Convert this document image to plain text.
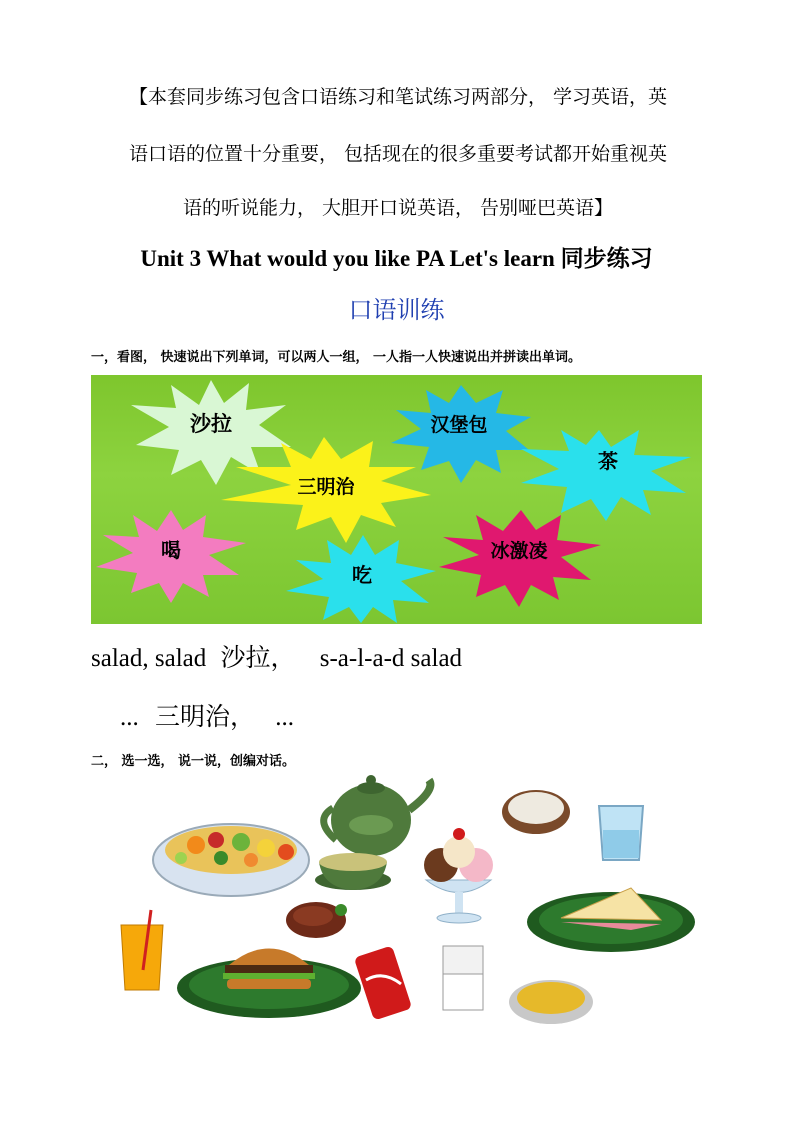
【本套同步练习包含口语练习和笔试练习两部分， 学习英语，英
语口语的位置十分重要， 包括现在的很多重要考试都开始重视英
语的听说能力， 大胆开口说英语， 告别哑巴英语】
Unit 3 What would you like PA Let's learn 同步练习
口语训练
一，看图， 快速说出下列单词，可以两人一组， 一人指一人快速说出并拼读出单词。
沙拉	汉堡包
茶
三明治
喝
吃
冰激凌
salad, salad 沙拉， s-a-l-a-d salad
... 三明治， ...
二， 选一选， 说一说，创编对话。
